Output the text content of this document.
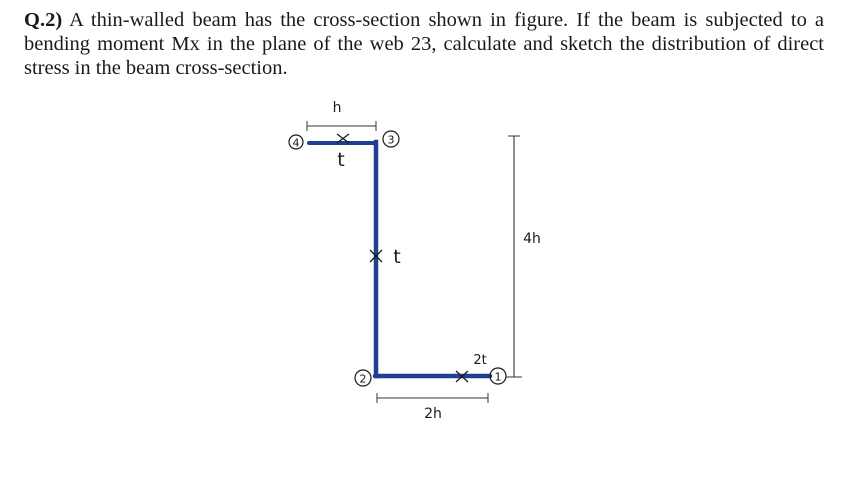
Q.2) A thin-walled beam has the cross-section shown in figure. If the beam is subjected to a bending moment Mx in the plane of the web 23, calculate and sketch the distribution of direct stress in the beam cross-section.
4	3
2	1
h
t
t
2t
2h
4h
